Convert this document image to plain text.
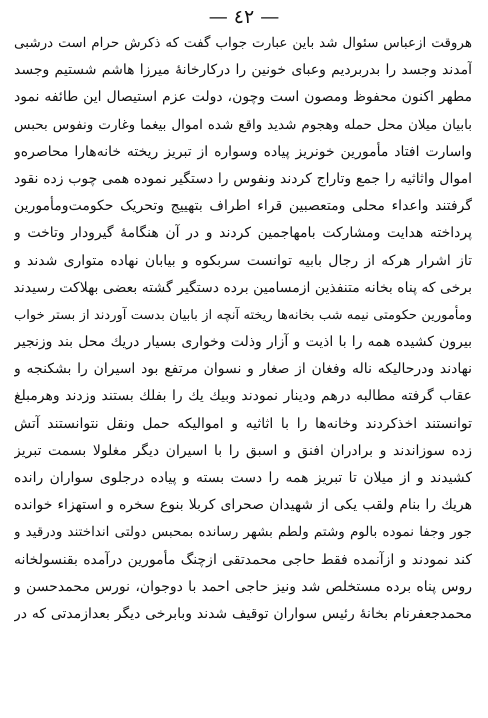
— ٤٢ —
هروقت ازعباس سئوال شد باین عبارت جواب گفت که ذکرش حرام است درشبی
آمدند وجسد را بدربردیم وعبای خونین را درکارخانهٔ میرزا هاشم شستیم وجسد
مطهر اکنون محفوظ ومصون است وچون، دولت عزم استیصال این طائفه نمود
بابیان میلان محل حمله وهجوم شدید واقع شده اموال بیغما وغارت ونفوس بحبس
واسارت افتاد مأمورین خونریز پیاده وسواره از تبریز ریخته خانه‌هارا محاصره‌و
اموال واثاثیه را جمع وتاراج کردند ونفوس را دستگیر نموده همی چوب زده نقود
گرفتند واعداء محلی ومتعصبین قراء اطراف بتهییج وتحریک حکومت‌ومأمورین
پرداخته هدایت ومشارکت بامهاجمین کردند و در آن هنگامهٔ گیرودار وتاخت و
تاز اشرار هرکه از رجال بابیه توانست سربکوه و بیابان نهاده متواری شدند و
برخی که پناه بخانه متنفذین ازمسامین برده دستگیر گشته بعضی بهلاکت رسیدند
ومأمورین حکومتی نیمه شب بخانه‌ها ریخته آنچه از بابیان بدست آوردند از بستر خواب
بیرون کشیده همه را با اذیت و آزار وذلت وخواری بسیار دریك محل بند وزنجیر
نهادند ودرحالیکه ناله وفغان از صغار و نسوان مرتفع بود اسیران را بشکنجه و
عقاب گرفته مطالبه درهم ودینار نمودند وبیك یك را بفلك بستند وزدند وهرمبلغ
توانستند اخذکردند وخانه‌ها را با اثاثیه و اموالیکه حمل ونقل نتوانستند آتش
زده سوزاندند و برادران افنق و اسبق را با اسیران دیگر مغلولا بسمت تبریز
کشیدند و از میلان تا تبریز همه را دست بسته و پیاده درجلوی سواران رانده
هریك را بنام ولقب یکی از شهیدان صحرای کربلا بنوع سخره و استهزاء خوانده
جور وجفا نموده بالوم وشتم ولطم بشهر رسانده بمحبس دولتی انداختند ودرقید و
کند نمودند و ازآنمده فقط حاجی محمدتقی ازچنگ مأمورین درآمده بقنسولخانه
روس پناه برده مستخلص شد ونیز حاجی احمد با دوجوان، نورس محمدحسن و
محمدجعفرنام بخانهٔ رئیس سواران توقیف شدند وبابرخی دیگر بعدازمدتی که در
